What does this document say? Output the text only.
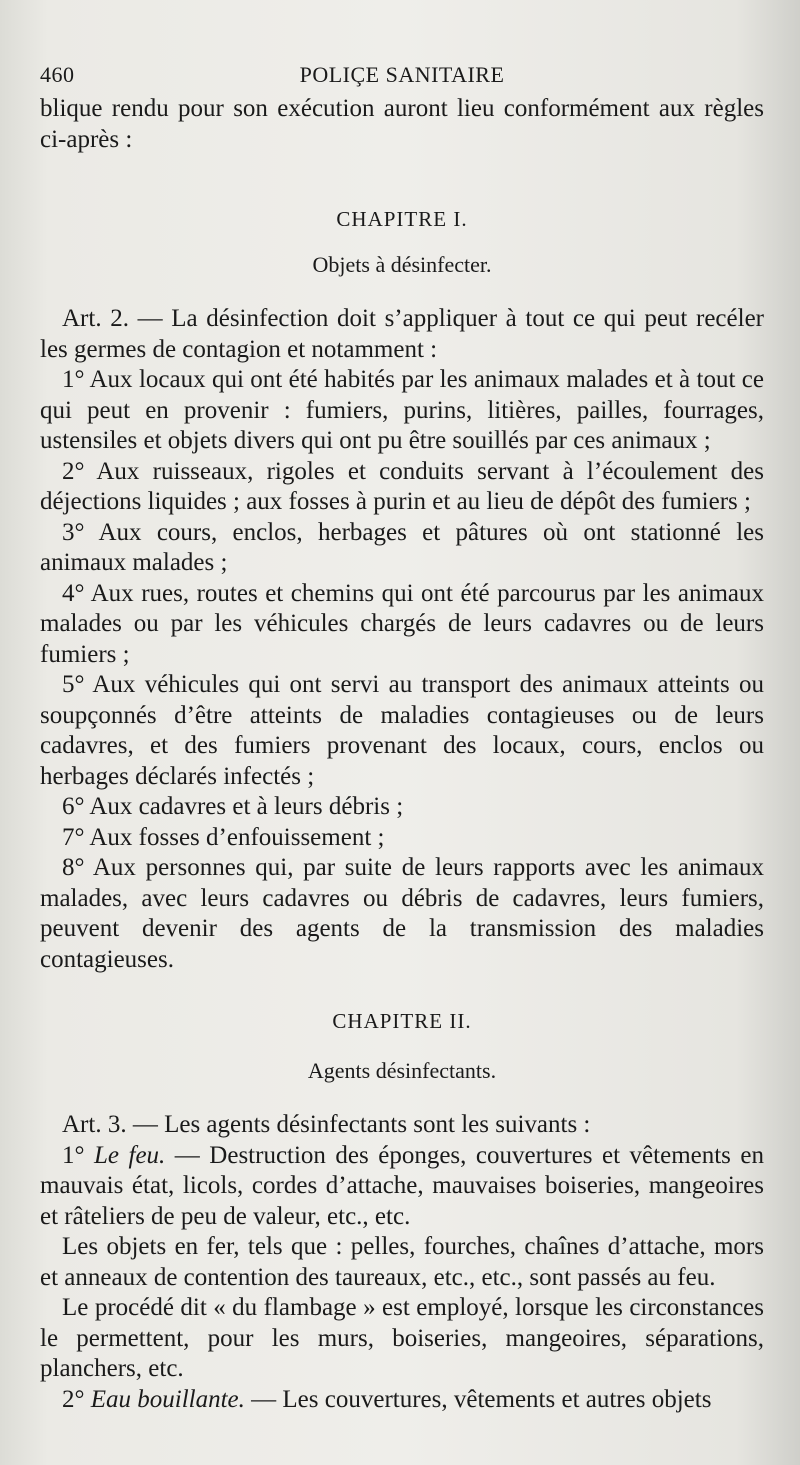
460	POLIÇE SANITAIRE

blique rendu pour son exécution auront lieu conformément aux règles ci-après :

CHAPITRE I.

Objets à désinfecter.

Art. 2. — La désinfection doit s’appliquer à tout ce qui peut recéler les germes de contagion et notamment :

1° Aux locaux qui ont été habités par les animaux malades et à tout ce qui peut en provenir : fumiers, purins, litières, pailles, fourrages, ustensiles et objets divers qui ont pu être souillés par ces animaux ;

2° Aux ruisseaux, rigoles et conduits servant à l’écoulement des déjections liquides ; aux fosses à purin et au lieu de dépôt des fumiers ;

3° Aux cours, enclos, herbages et pâtures où ont stationné les animaux malades ;

4° Aux rues, routes et chemins qui ont été parcourus par les animaux malades ou par les véhicules chargés de leurs cadavres ou de leurs fumiers ;

5° Aux véhicules qui ont servi au transport des animaux atteints ou soupçonnés d’être atteints de maladies contagieuses ou de leurs cadavres, et des fumiers provenant des locaux, cours, enclos ou herbages déclarés infectés ;

6° Aux cadavres et à leurs débris ;

7° Aux fosses d’enfouissement ;

8° Aux personnes qui, par suite de leurs rapports avec les animaux malades, avec leurs cadavres ou débris de cadavres, leurs fumiers, peuvent devenir des agents de la transmission des maladies contagieuses.

CHAPITRE II.

Agents désinfectants.

Art. 3. — Les agents désinfectants sont les suivants :

1° Le feu. — Destruction des éponges, couvertures et vêtements en mauvais état, licols, cordes d’attache, mauvaises boiseries, mangeoires et râteliers de peu de valeur, etc., etc.

Les objets en fer, tels que : pelles, fourches, chaînes d’attache, mors et anneaux de contention des taureaux, etc., etc., sont passés au feu.

Le procédé dit « du flambage » est employé, lorsque les circonstances le permettent, pour les murs, boiseries, mangeoires, séparations, planchers, etc.

2° Eau bouillante. — Les couvertures, vêtements et autres objets
